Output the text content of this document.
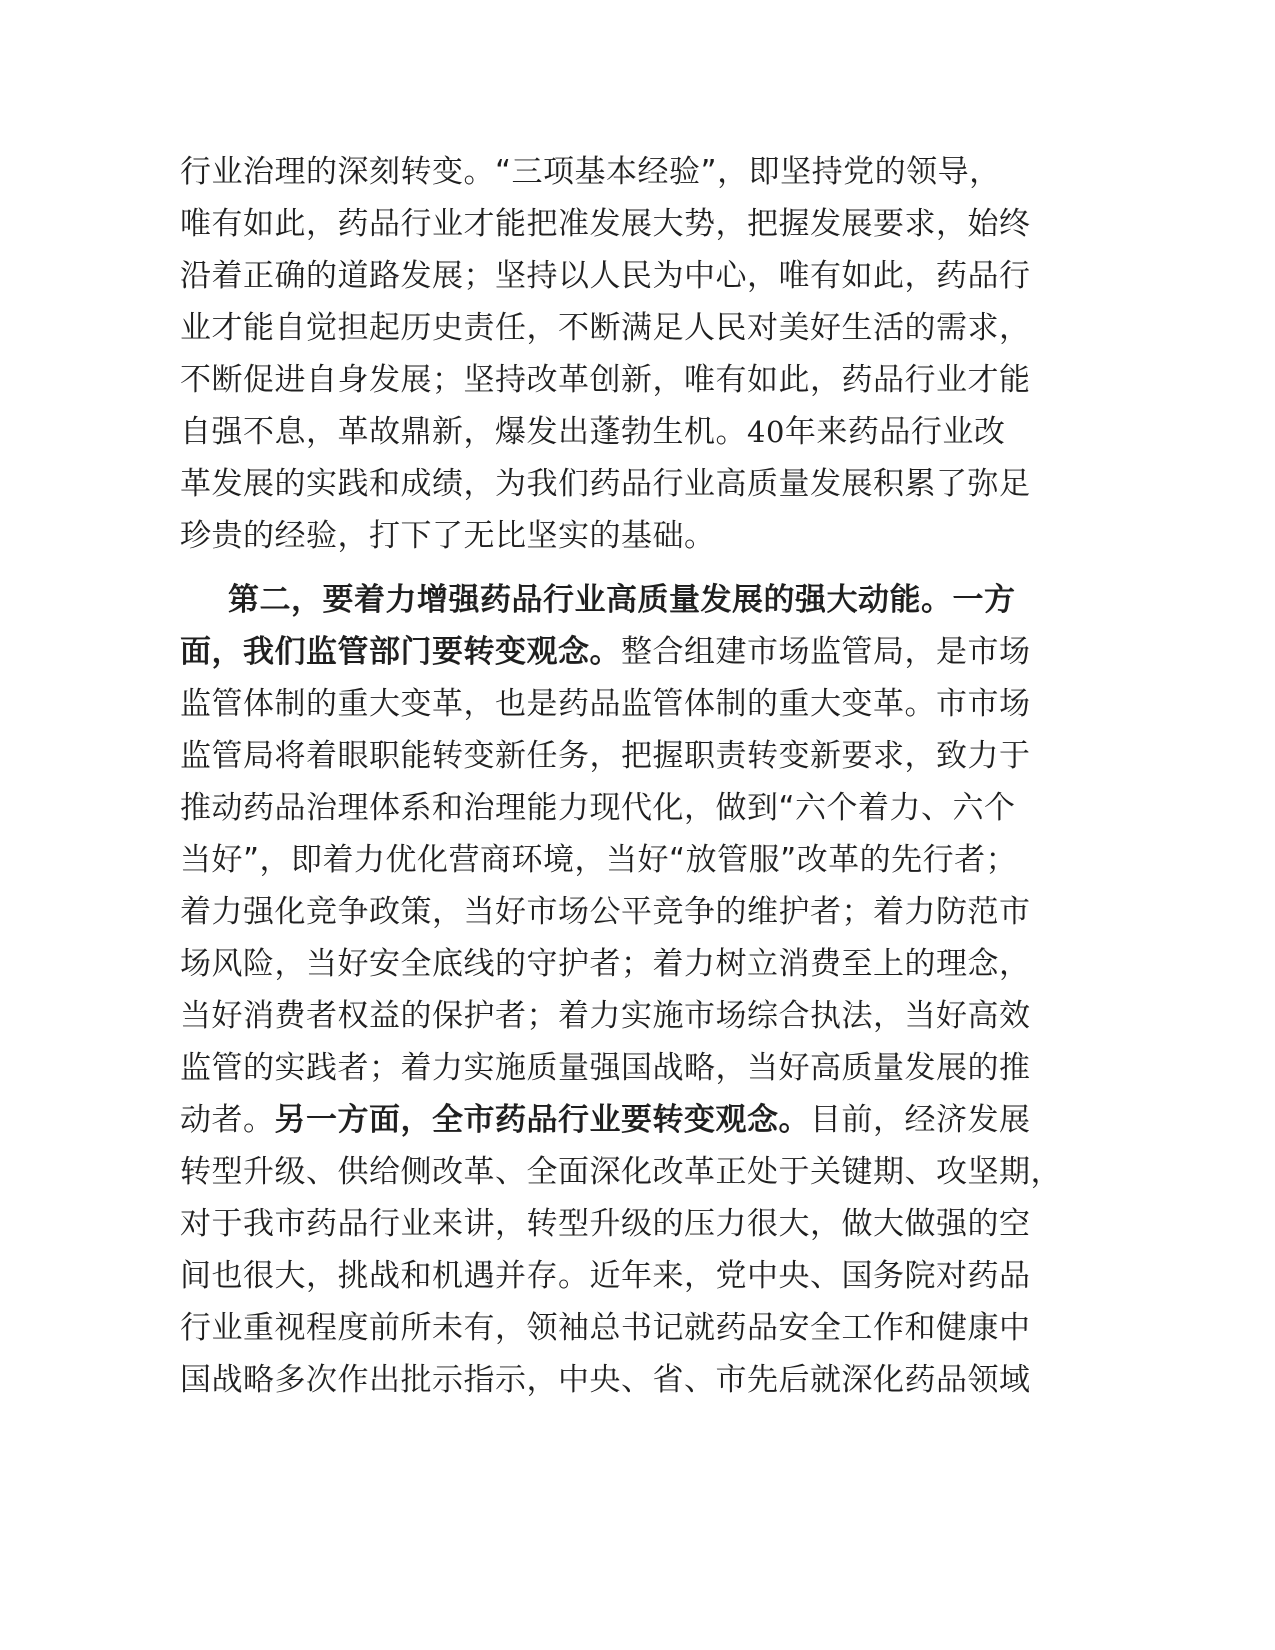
行业治理的深刻转变。“三项基本经验”，即坚持党的领导，
唯有如此，药品行业才能把准发展大势，把握发展要求，始终
沿着正确的道路发展；坚持以人民为中心，唯有如此，药品行
业才能自觉担起历史责任，不断满足人民对美好生活的需求，
不断促进自身发展；坚持改革创新，唯有如此，药品行业才能
自强不息，革故鼎新，爆发出蓬勃生机。40年来药品行业改
革发展的实践和成绩，为我们药品行业高质量发展积累了弥足
珍贵的经验，打下了无比坚实的基础。
第二，要着力增强药品行业高质量发展的强大动能。一方
面，我们监管部门要转变观念。整合组建市场监管局，是市场
监管体制的重大变革，也是药品监管体制的重大变革。市市场
监管局将着眼职能转变新任务，把握职责转变新要求，致力于
推动药品治理体系和治理能力现代化，做到“六个着力、六个
当好”，即着力优化营商环境，当好“放管服”改革的先行者；
着力强化竞争政策，当好市场公平竞争的维护者；着力防范市
场风险，当好安全底线的守护者；着力树立消费至上的理念，
当好消费者权益的保护者；着力实施市场综合执法，当好高效
监管的实践者；着力实施质量强国战略，当好高质量发展的推
动者。另一方面，全市药品行业要转变观念。目前，经济发展
转型升级、供给侧改革、全面深化改革正处于关键期、攻坚期，
对于我市药品行业来讲，转型升级的压力很大，做大做强的空
间也很大，挑战和机遇并存。近年来，党中央、国务院对药品
行业重视程度前所未有，领袖总书记就药品安全工作和健康中
国战略多次作出批示指示，中央、省、市先后就深化药品领域
